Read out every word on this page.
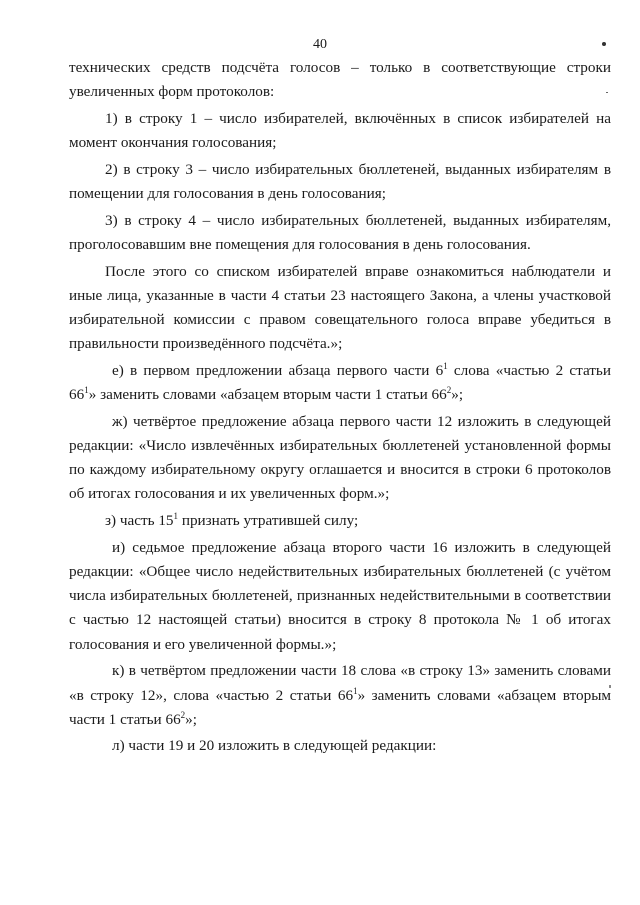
40

технических средств подсчёта голосов – только в соответствующие строки увеличенных форм протоколов:

1) в строку 1 – число избирателей, включённых в список избирателей на момент окончания голосования;

2) в строку 3 – число избирательных бюллетеней, выданных избирателям в помещении для голосования в день голосования;

3) в строку 4 – число избирательных бюллетеней, выданных избирателям, проголосовавшим вне помещения для голосования в день голосования.

После этого со списком избирателей вправе ознакомиться наблюдатели и иные лица, указанные в части 4 статьи 23 настоящего Закона, а члены участковой избирательной комиссии с правом совещательного голоса вправе убедиться в правильности произведённого подсчёта.»;

е) в первом предложении абзаца первого части $6^1$ слова «частью 2 статьи $66^1$» заменить словами «абзацем вторым части 1 статьи $66^2$»;

ж) четвёртое предложение абзаца первого части 12 изложить в следующей редакции: «Число извлечённых избирательных бюллетеней установленной формы по каждому избирательному округу оглашается и вносится в строки 6 протоколов об итогах голосования и их увеличенных форм.»;

з) часть $15^1$ признать утратившей силу;

и) седьмое предложение абзаца второго части 16 изложить в следующей редакции: «Общее число недействительных избирательных бюллетеней (с учётом числа избирательных бюллетеней, признанных недействительными в соответствии с частью 12 настоящей статьи) вносится в строку 8 протокола № 1 об итогах голосования и его увеличенной формы.»;

к) в четвёртом предложении части 18 слова «в строку 13» заменить словами «в строку 12», слова «частью 2 статьи $66^1$» заменить словами «абзацем вторым части 1 статьи $66^2$»;

л) части 19 и 20 изложить в следующей редакции:
